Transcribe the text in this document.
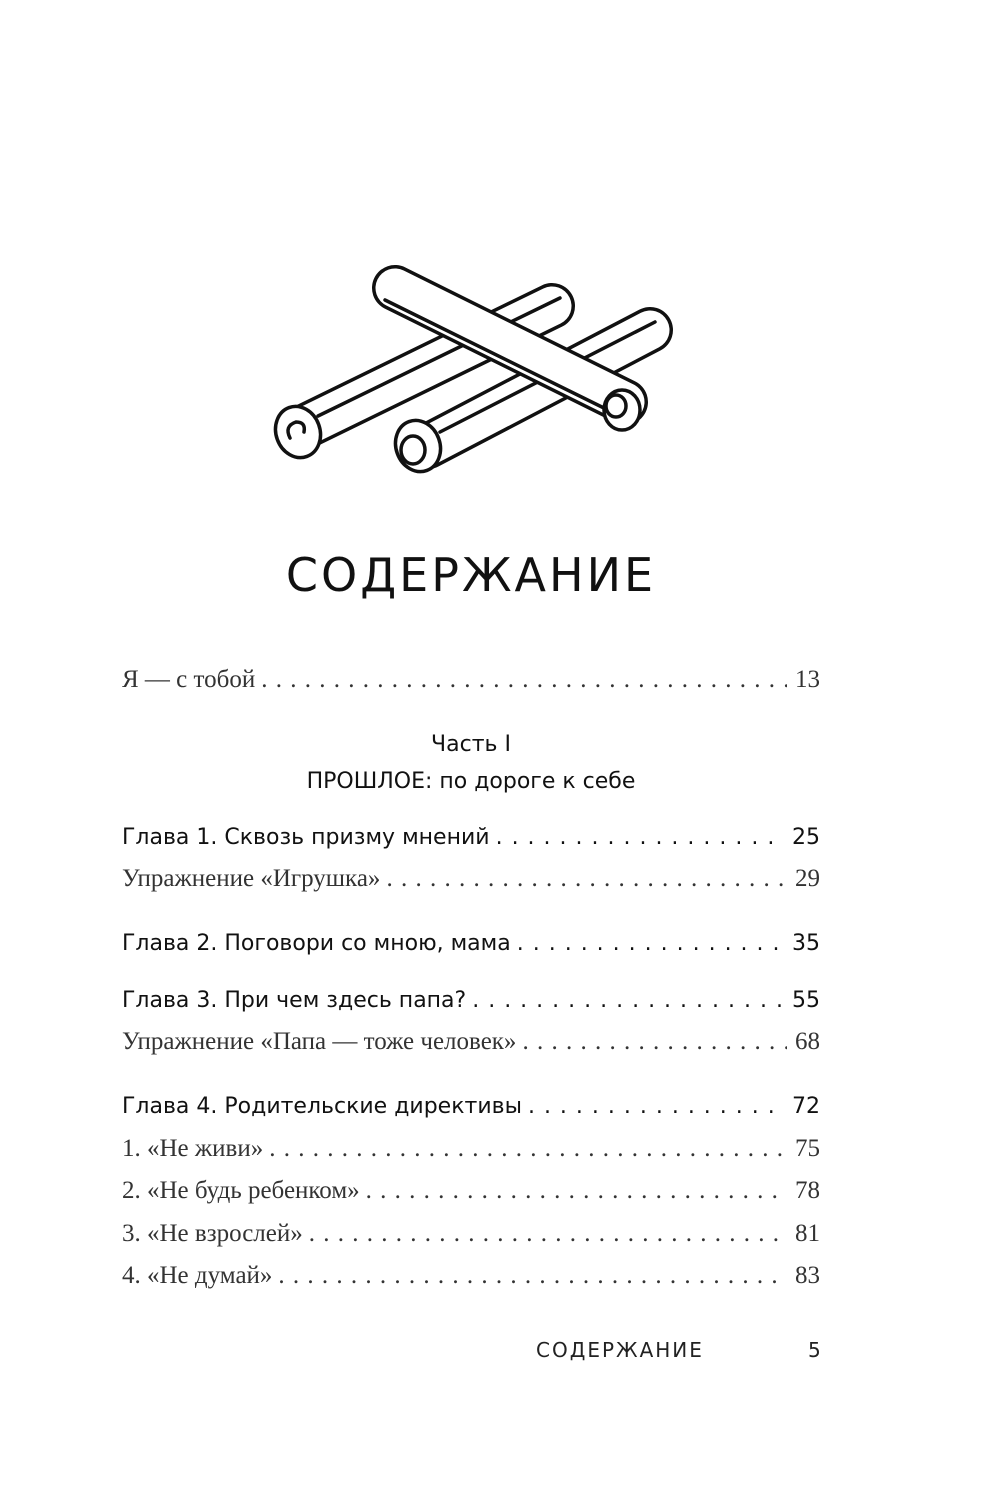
СОДЕРЖАНИЕ
Я — с тобой . . .	13
Часть I
ПРОШЛОЕ: по дороге к себе
Глава 1. Сквозь призму мнений . . .	25
Упражнение «Игрушка» . . .	29
Глава 2. Поговори со мною, мама . . .	35
Глава 3. При чем здесь папа? . . .	55
Упражнение «Папа — тоже человек» . . .	68
Глава 4. Родительские директивы . . .	72
1. «Не живи» . . .	75
2. «Не будь ребенком» . . .	78
3. «Не взрослей» . . .	81
4. «Не думай» . . .	83
СОДЕРЖАНИЕ	5
